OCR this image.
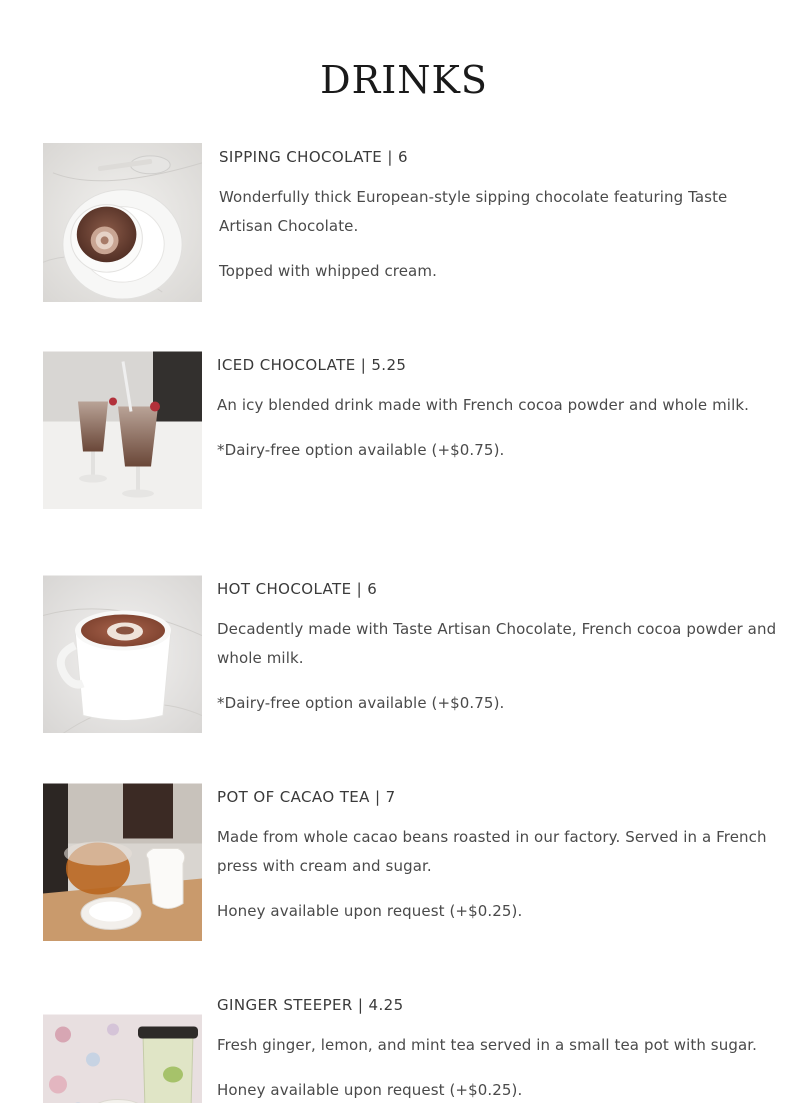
DRINKS

SIPPING CHOCOLATE | 6

Wonderfully thick European-style sipping chocolate featuring Taste Artisan Chocolate.

Topped with whipped cream.

ICED CHOCOLATE | 5.25

An icy blended drink made with French cocoa powder and whole milk.

*Dairy-free option available (+$0.75).

HOT CHOCOLATE | 6

Decadently made with Taste Artisan Chocolate, French cocoa powder and whole milk.

*Dairy-free option available (+$0.75).

POT OF CACAO TEA | 7

Made from whole cacao beans roasted in our factory. Served in a French press with cream and sugar.

Honey available upon request (+$0.25).

GINGER STEEPER | 4.25

Fresh ginger, lemon, and mint tea served in a small tea pot with sugar.

Honey available upon request (+$0.25).
